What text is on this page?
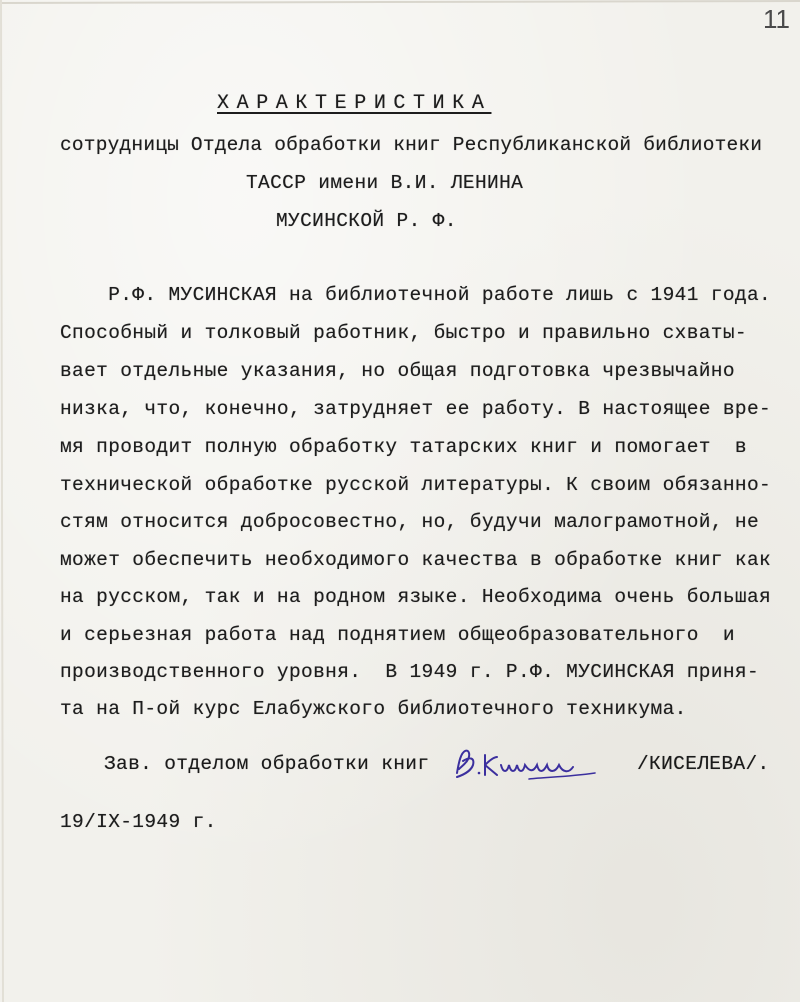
11
ХАРАКТЕРИСТИКА
сотрудницы Отдела обработки книг Республиканской библиотеки
ТАССР имени В.И. ЛЕНИНА
МУСИНСКОЙ Р. Ф.
Р.Ф. МУСИНСКАЯ на библиотечной работе лишь с 1941 года.
Способный и толковый работник, быстро и правильно схваты-
вает отдельные указания, но общая подготовка чрезвычайно
низка, что, конечно, затрудняет ее работу. В настоящее вре-
мя проводит полную обработку татарских книг и помогает  в
технической обработке русской литературы. К своим обязанно-
стям относится добросовестно, но, будучи малограмотной, не
может обеспечить необходимого качества в обработке книг как
на русском, так и на родном языке. Необходима очень большая
и серьезная работа над поднятием общеобразовательного  и
производственного уровня.  В 1949 г. Р.Ф. МУСИНСКАЯ приня-
та на П-ой курс Елабужского библиотечного техникума.
Зав. отделом обработки книг	/КИСЕЛЕВА/.
19/IX-1949 г.
